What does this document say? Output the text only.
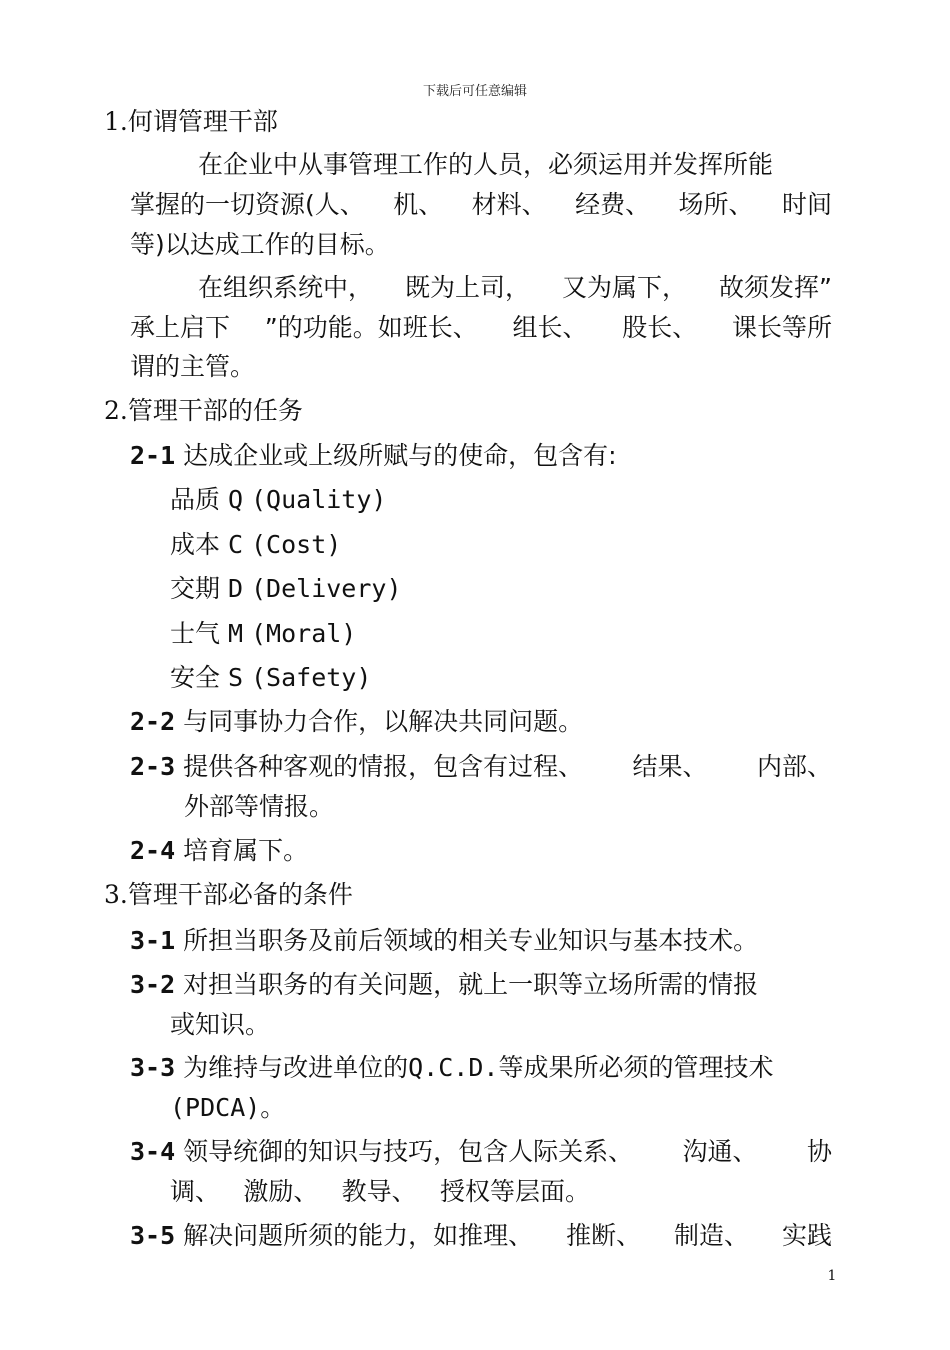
下载后可任意编辑
1.何谓管理干部
在企业中从事管理工作的人员，必须运用并发挥所能
掌握的一切资源(人、 机、 材料、 经费、 场所、 时间
等)以达成工作的目标。
在组织系统中， 既为上司， 又为属下， 故须发挥”
承上启下 ”的功能。如班长、 组长、 股长、 课长等所
谓的主管。
2.管理干部的任务
2-1 达成企业或上级所赋与的使命，包含有:
品质 Q (Quality)
成本 C (Cost)
交期 D (Delivery)
士气 M (Moral)
安全 S (Safety)
2-2 与同事协力合作，以解决共同问题。
2-3 提供各种客观的情报，包含有过程、 结果、 内部、
外部等情报。
2-4 培育属下。
3.管理干部必备的条件
3-1 所担当职务及前后领域的相关专业知识与基本技术。
3-2 对担当职务的有关问题，就上一职等立场所需的情报
或知识。
3-3 为维持与改进单位的Q.C.D.等成果所必须的管理技术
(PDCA)。
3-4 领导统御的知识与技巧，包含人际关系、 沟通、 协
调、 激励、 教导、 授权等层面。
3-5 解决问题所须的能力，如推理、 推断、 制造、 实践
1
